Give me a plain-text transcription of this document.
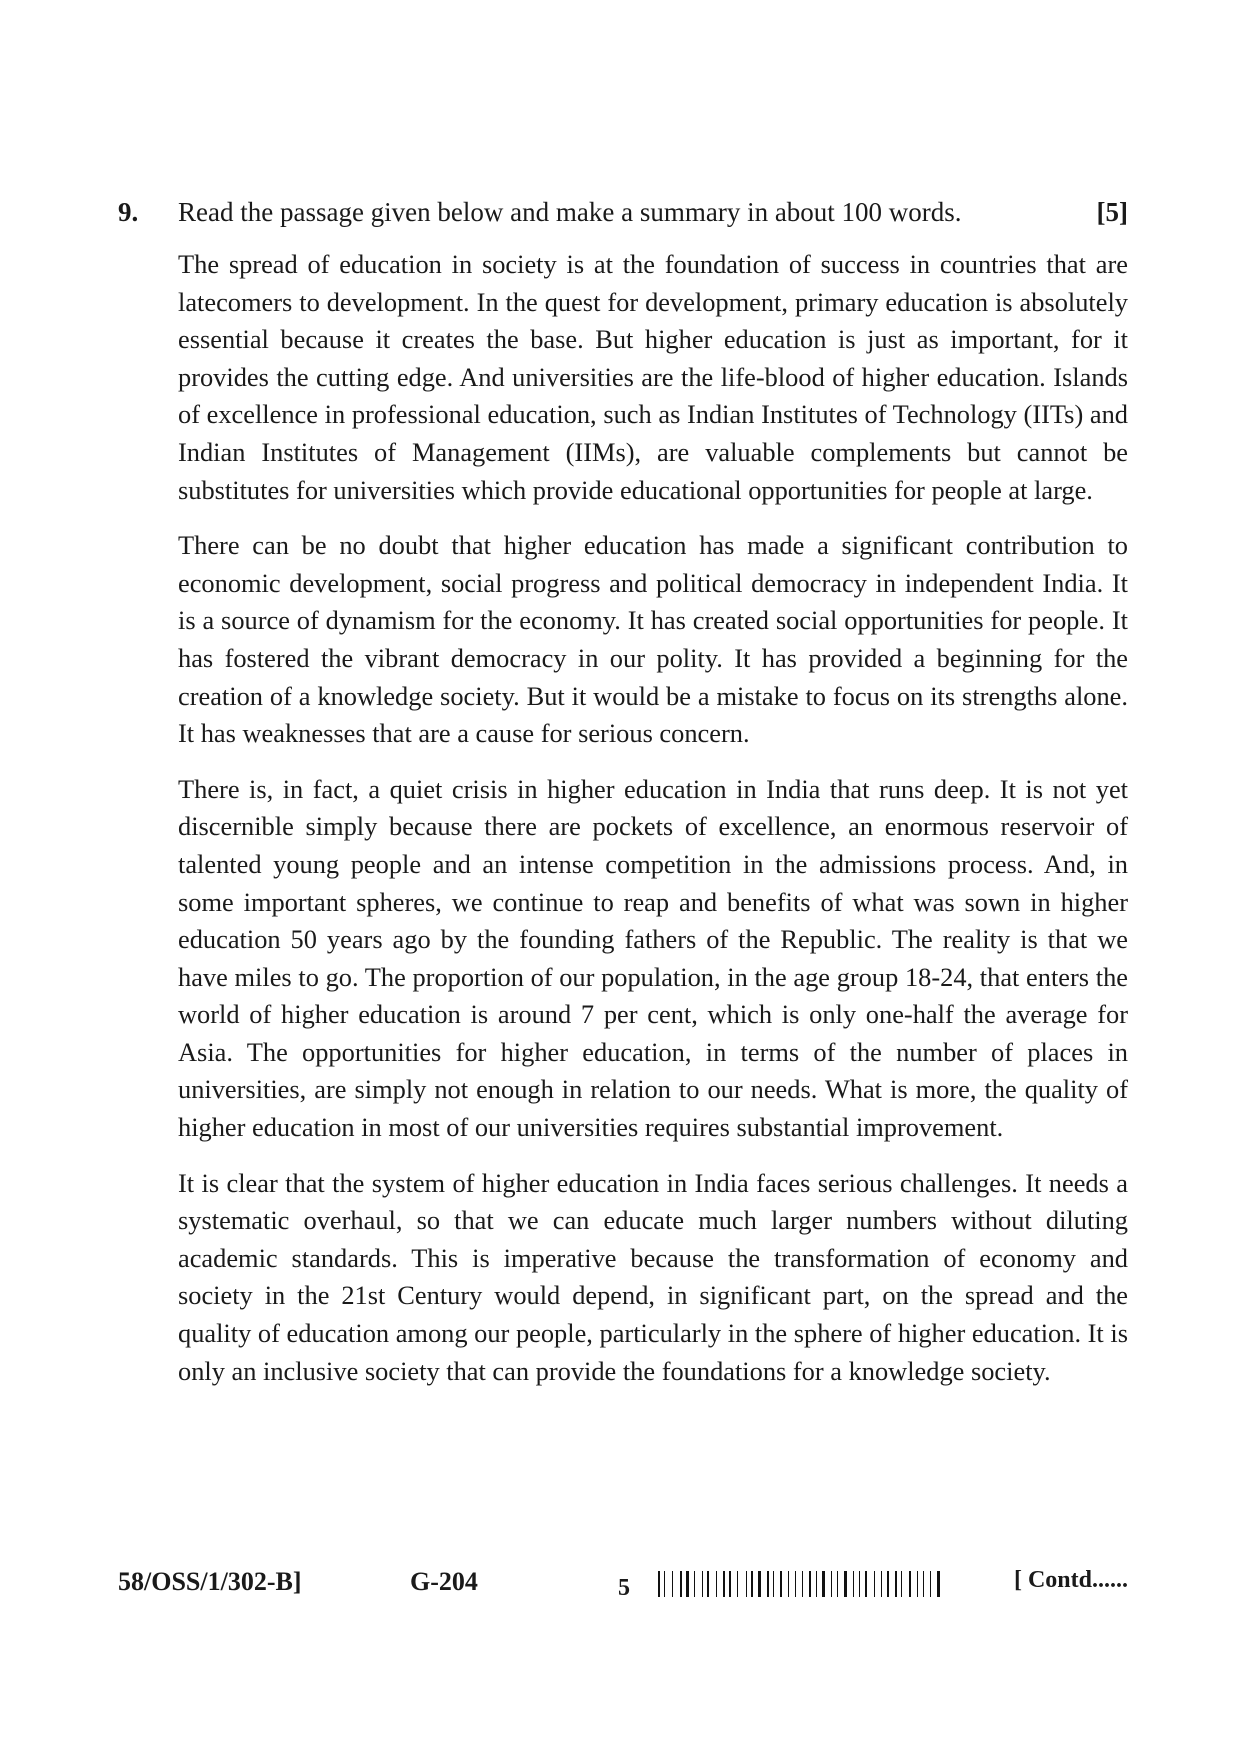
9. Read the passage given below and make a summary in about 100 words.	[5]

The spread of education in society is at the foundation of success in countries that are latecomers to development. In the quest for development, primary education is absolutely essential because it creates the base. But higher education is just as important, for it provides the cutting edge. And universities are the life-blood of higher education. Islands of excellence in professional education, such as Indian Institutes of Technology (IITs) and Indian Institutes of Management (IIMs), are valuable complements but cannot be substitutes for universities which provide educational opportunities for people at large.

There can be no doubt that higher education has made a significant contribution to economic development, social progress and political democracy in independent India. It is a source of dynamism for the economy. It has created social opportunities for people. It has fostered the vibrant democracy in our polity. It has provided a beginning for the creation of a knowledge society. But it would be a mistake to focus on its strengths alone. It has weaknesses that are a cause for serious concern.

There is, in fact, a quiet crisis in higher education in India that runs deep. It is not yet discernible simply because there are pockets of excellence, an enormous reservoir of talented young people and an intense competition in the admissions process. And, in some important spheres, we continue to reap and benefits of what was sown in higher education 50 years ago by the founding fathers of the Republic. The reality is that we have miles to go. The proportion of our population, in the age group 18-24, that enters the world of higher education is around 7 per cent, which is only one-half the average for Asia. The opportunities for higher education, in terms of the number of places in universities, are simply not enough in relation to our needs. What is more, the quality of higher education in most of our universities requires substantial improvement.

It is clear that the system of higher education in India faces serious challenges. It needs a systematic overhaul, so that we can educate much larger numbers without diluting academic standards. This is imperative because the transformation of economy and society in the 21st Century would depend, in significant part, on the spread and the quality of education among our people, particularly in the sphere of higher education. It is only an inclusive society that can provide the foundations for a knowledge society.

58/OSS/1/302-B]	G-204	5	[ Contd......
